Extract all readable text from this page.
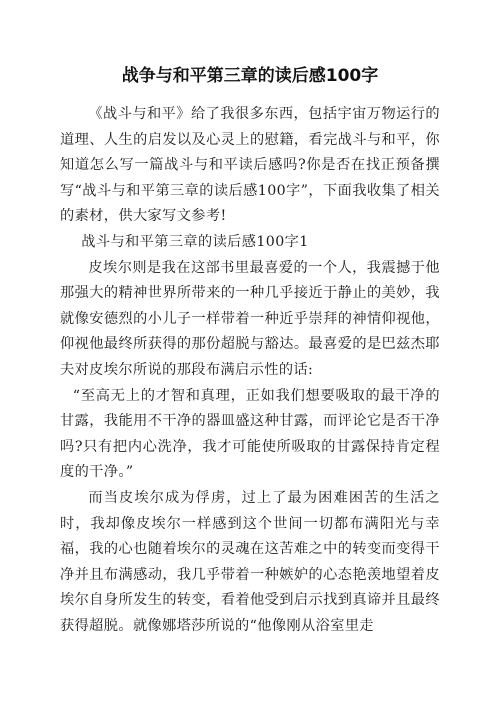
战争与和平第三章的读后感100字

《战斗与和平》给了我很多东西，包括宇宙万物运行的道理、人生的启发以及心灵上的慰籍，看完战斗与和平，你知道怎么写一篇战斗与和平读后感吗?你是否在找正预备撰写“战斗与和平第三章的读后感100字”，下面我收集了相关的素材，供大家写文参考!

战斗与和平第三章的读后感100字1

皮埃尔则是我在这部书里最喜爱的一个人，我震撼于他那强大的精神世界所带来的一种几乎接近于静止的美妙，我就像安德烈的小儿子一样带着一种近乎崇拜的神情仰视他，仰视他最终所获得的那份超脱与豁达。最喜爱的是巴兹杰耶夫对皮埃尔所说的那段布满启示性的话:

“至高无上的才智和真理，正如我们想要吸取的最干净的甘露，我能用不干净的器皿盛这种甘露，而评论它是否干净吗?只有把内心洗净，我才可能使所吸取的甘露保持肯定程度的干净。”

而当皮埃尔成为俘虏，过上了最为困难困苦的生活之时，我却像皮埃尔一样感到这个世间一切都布满阳光与幸福，我的心也随着埃尔的灵魂在这苦难之中的转变而变得干净并且布满感动，我几乎带着一种嫉妒的心态艳羡地望着皮埃尔自身所发生的转变，看着他受到启示找到真谛并且最终获得超脱。就像娜塔莎所说的“他像刚从浴室里走
